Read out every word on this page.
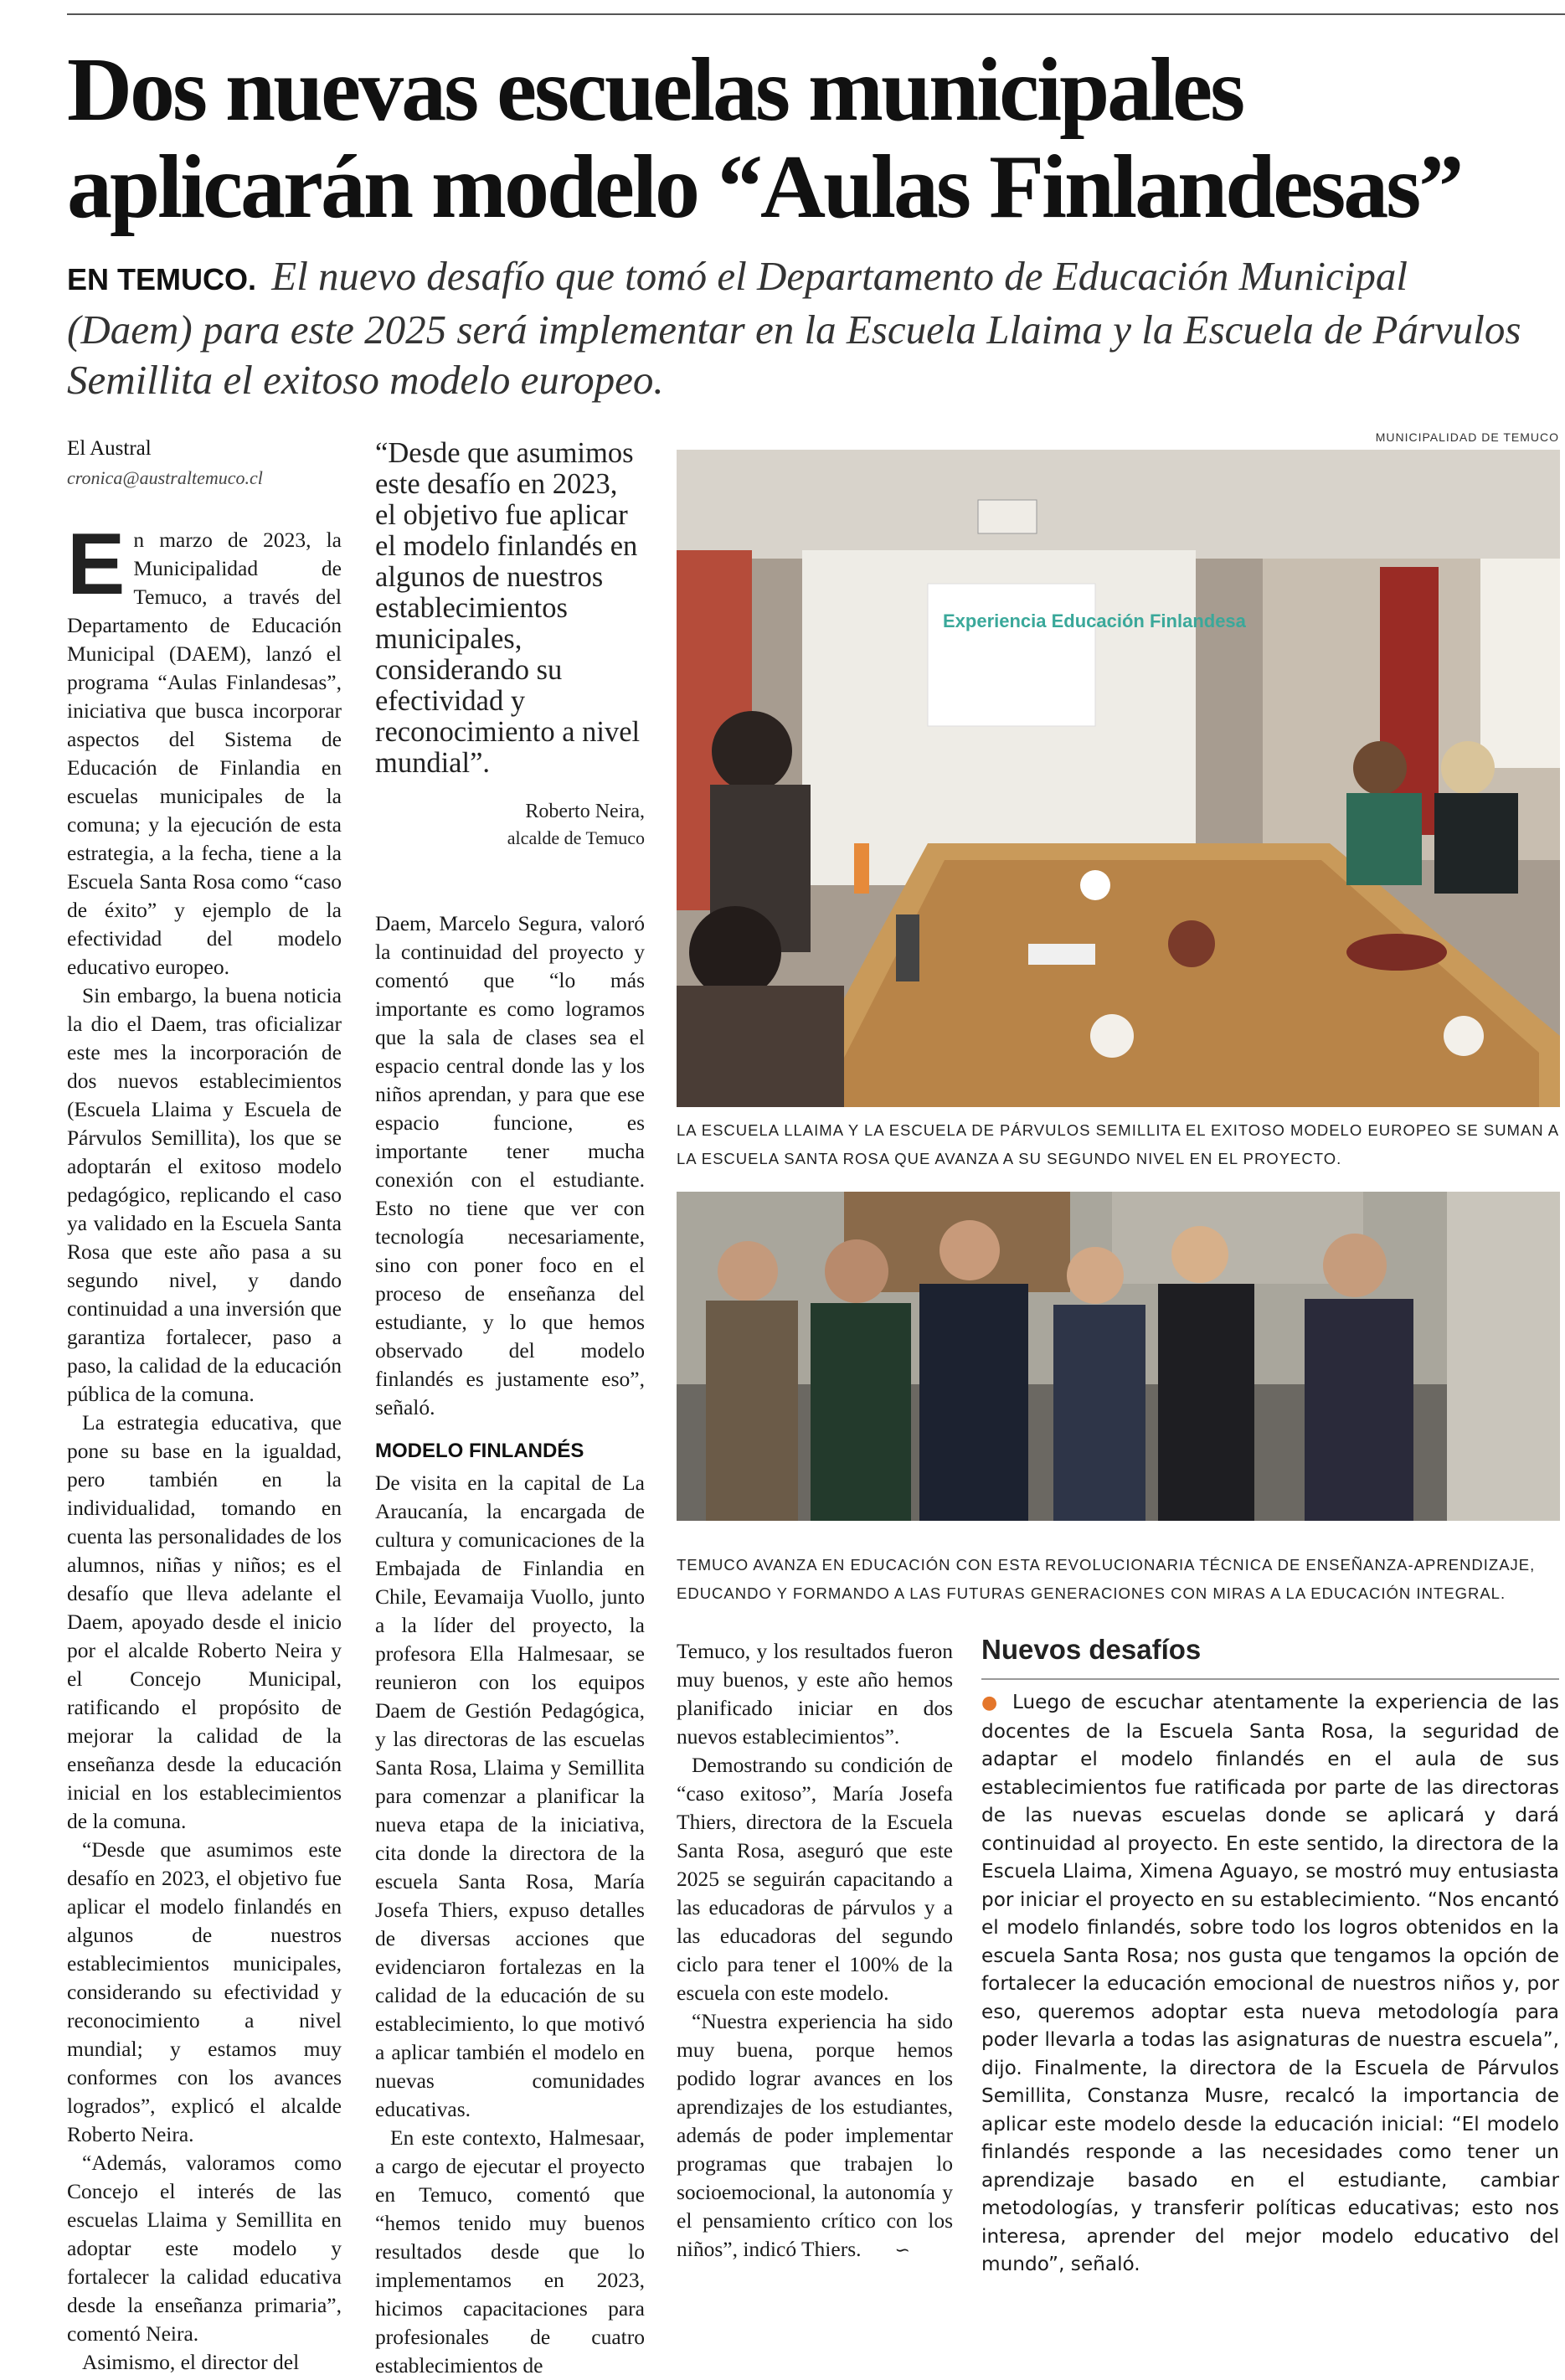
Dos nuevas escuelas municipales aplicarán modelo “Aulas Finlandesas”
EN TEMUCO. El nuevo desafío que tomó el Departamento de Educación Municipal (Daem) para este 2025 será implementar en la Escuela Llaima y la Escuela de Párvulos Semillita el exitoso modelo europeo.
El Austral
cronica@australtemuco.cl

En marzo de 2023, la Municipalidad de Temuco, a través del Departamento de Educación Municipal (DAEM), lanzó el programa “Aulas Finlandesas”, iniciativa que busca incorporar aspectos del Sistema de Educación de Finlandia en escuelas municipales de la comuna; y la ejecución de esta estrategia, a la fecha, tiene a la Escuela Santa Rosa como “caso de éxito” y ejemplo de la efectividad del modelo educativo europeo.

Sin embargo, la buena noticia la dio el Daem, tras oficializar este mes la incorporación de dos nuevos establecimientos (Escuela Llaima y Escuela de Párvulos Semillita), los que se adoptarán el exitoso modelo pedagógico, replicando el caso ya validado en la Escuela Santa Rosa que este año pasa a su segundo nivel, y dando continuidad a una inversión que garantiza fortalecer, paso a paso, la calidad de la educación pública de la comuna.

La estrategia educativa, que pone su base en la igualdad, pero también en la individualidad, tomando en cuenta las personalidades de los alumnos, niñas y niños; es el desafío que lleva adelante el Daem, apoyado desde el inicio por el alcalde Roberto Neira y el Concejo Municipal, ratificando el propósito de mejorar la calidad de la enseñanza desde la educación inicial en los establecimientos de la comuna.

“Desde que asumimos este desafío en 2023, el objetivo fue aplicar el modelo finlandés en algunos de nuestros establecimientos municipales, considerando su efectividad y reconocimiento a nivel mundial; y estamos muy conformes con los avances logrados”, explicó el alcalde Roberto Neira.

“Además, valoramos como Concejo el interés de las escuelas Llaima y Semillita en adoptar este modelo y fortalecer la calidad educativa desde la enseñanza primaria”, comentó Neira.

Asimismo, el director del

“Desde que asumimos este desafío en 2023, el objetivo fue aplicar el modelo finlandés en algunos de nuestros establecimientos municipales, considerando su efectividad y reconocimiento a nivel mundial”.
Roberto Neira,
alcalde de Temuco

Daem, Marcelo Segura, valoró la continuidad del proyecto y comentó que “lo más importante es como logramos que la sala de clases sea el espacio central donde las y los niños aprendan, y para que ese espacio funcione, es importante tener mucha conexión con el estudiante. Esto no tiene que ver con tecnología necesariamente, sino con poner foco en el proceso de enseñanza del estudiante, y lo que hemos observado del modelo finlandés es justamente eso”, señaló.

MODELO FINLANDÉS

De visita en la capital de La Araucanía, la encargada de cultura y comunicaciones de la Embajada de Finlandia en Chile, Eevamaija Vuollo, junto a la líder del proyecto, la profesora Ella Halmesaar, se reunieron con los equipos Daem de Gestión Pedagógica, y las directoras de las escuelas Santa Rosa, Llaima y Semillita para comenzar a planificar la nueva etapa de la iniciativa, cita donde la directora de la escuela Santa Rosa, María Josefa Thiers, expuso detalles de diversas acciones que evidenciaron fortalezas en la calidad de la educación de su establecimiento, lo que motivó a aplicar también el modelo en nuevas comunidades educativas.

En este contexto, Halmesaar, a cargo de ejecutar el proyecto en Temuco, comentó que “hemos tenido muy buenos resultados desde que lo implementamos en 2023, hicimos capacitaciones para profesionales de cuatro establecimientos de

Temuco, y los resultados fueron muy buenos, y este año hemos planificado iniciar en dos nuevos establecimientos”.

Demostrando su condición de “caso exitoso”, María Josefa Thiers, directora de la Escuela Santa Rosa, aseguró que este 2025 se seguirán capacitando a las educadoras de párvulos y a las educadoras del segundo ciclo para tener el 100% de la escuela con este modelo.

“Nuestra experiencia ha sido muy buena, porque hemos podido lograr avances en los aprendizajes de los estudiantes, además de poder implementar programas que trabajen lo socioemocional, la autonomía y el pensamiento crítico con los niños”, indicó Thiers. ∽

MUNICIPALIDAD DE TEMUCO
Experiencia Educación Finlandesa
LA ESCUELA LLAIMA Y LA ESCUELA DE PÁRVULOS SEMILLITA EL EXITOSO MODELO EUROPEO SE SUMAN A LA ESCUELA SANTA ROSA QUE AVANZA A SU SEGUNDO NIVEL EN EL PROYECTO.
TEMUCO AVANZA EN EDUCACIÓN CON ESTA REVOLUCIONARIA TÉCNICA DE ENSEÑANZA-APRENDIZAJE, EDUCANDO Y FORMANDO A LAS FUTURAS GENERACIONES CON MIRAS A LA EDUCACIÓN INTEGRAL.
Nuevos desafíos
● Luego de escuchar atentamente la experiencia de las docentes de la Escuela Santa Rosa, la seguridad de adaptar el modelo finlandés en el aula de sus establecimientos fue ratificada por parte de las directoras de las nuevas escuelas donde se aplicará y dará continuidad al proyecto. En este sentido, la directora de la Escuela Llaima, Ximena Aguayo, se mostró muy entusiasta por iniciar el proyecto en su establecimiento. “Nos encantó el modelo finlandés, sobre todo los logros obtenidos en la escuela Santa Rosa; nos gusta que tengamos la opción de fortalecer la educación emocional de nuestros niños y, por eso, queremos adoptar esta nueva metodología para poder llevarla a todas las asignaturas de nuestra escuela”, dijo. Finalmente, la directora de la Escuela de Párvulos Semillita, Constanza Musre, recalcó la importancia de aplicar este modelo desde la educación inicial: “El modelo finlandés responde a las necesidades como tener un aprendizaje basado en el estudiante, cambiar metodologías, y transferir políticas educativas; esto nos interesa, aprender del mejor modelo educativo del mundo”, señaló.
